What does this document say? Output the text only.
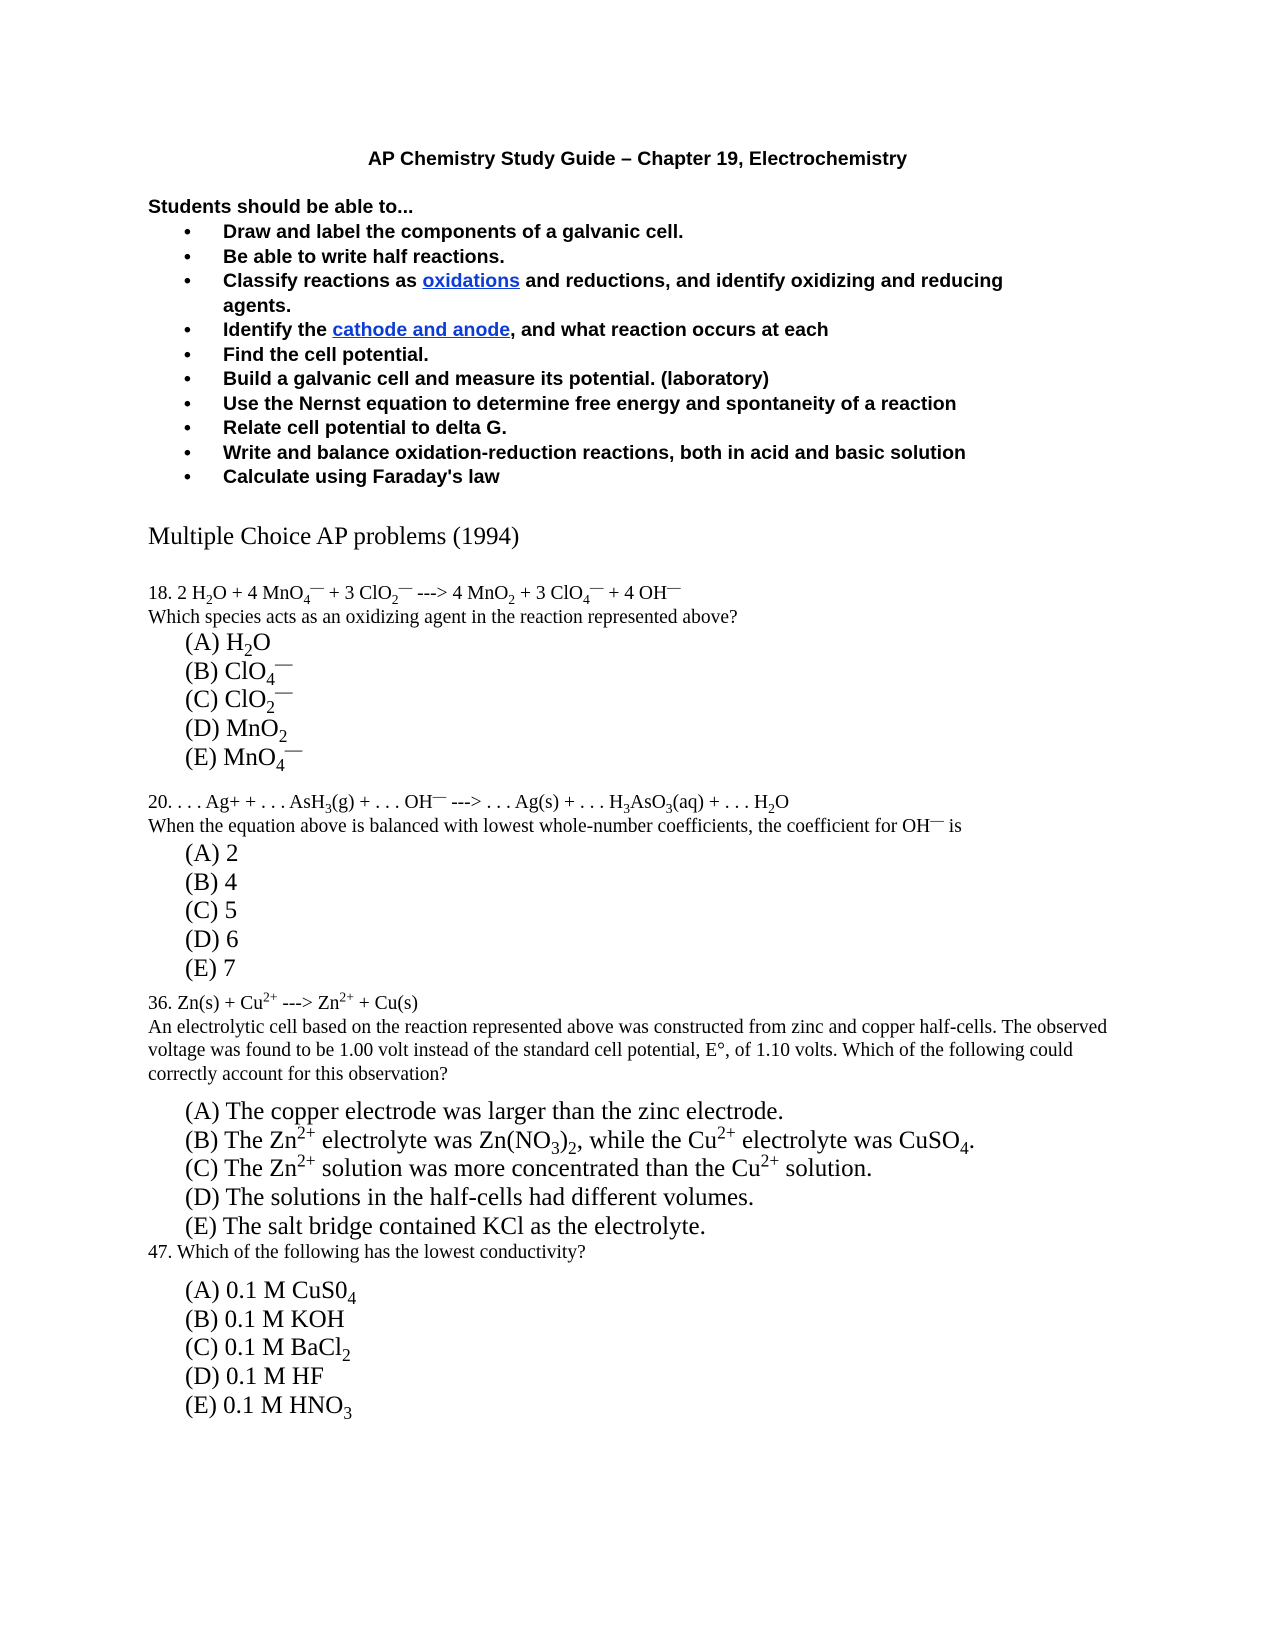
AP Chemistry Study Guide – Chapter 19, Electrochemistry
Students should be able to...
• Draw and label the components of a galvanic cell.
• Be able to write half reactions.
• Classify reactions as oxidations and reductions, and identify oxidizing and reducing agents.
• Identify the cathode and anode, and what reaction occurs at each
• Find the cell potential.
• Build a galvanic cell and measure its potential. (laboratory)
• Use the Nernst equation to determine free energy and spontaneity of a reaction
• Relate cell potential to delta G.
• Write and balance oxidation-reduction reactions, both in acid and basic solution
• Calculate using Faraday's law
Multiple Choice AP problems (1994)
18. 2 $H_2O + 4$ MnO$_4$— + 3 ClO$_2$— ---> 4 MnO$_2$ + 3 ClO$_4$— + 4 OH—
Which species acts as an oxidizing agent in the reaction represented above?
(A) $H_2O$
(B) ClO$_4$—
(C) ClO$_2$—
(D) MnO$_2$
(E) MnO$_4$—
20. . . . Ag+ + . . . AsH$_3$(g) + . . . OH— ---> . . . Ag(s) + . . . $H_3AsO_3(aq)$ + . . . $H_2O$
When the equation above is balanced with lowest whole-number coefficients, the coefficient for OH— is
(A) 2
(B) 4
(C) 5
(D) 6
(E) 7
36. $Zn(s) + Cu^{2+}$ ---> $Zn^{2+} + Cu(s)$
An electrolytic cell based on the reaction represented above was constructed from zinc and copper half-cells. The observed voltage was found to be 1.00 volt instead of the standard cell potential, E°, of 1.10 volts. Which of the following could correctly account for this observation?
(A) The copper electrode was larger than the zinc electrode.
(B) The $Zn^{2+}$ electrolyte was $Zn(NO_3)_2$, while the $Cu^{2+}$ electrolyte was CuSO$_4$.
(C) The $Zn^{2+}$ solution was more concentrated than the $Cu^{2+}$ solution.
(D) The solutions in the half-cells had different volumes.
(E) The salt bridge contained KCl as the electrolyte.
47. Which of the following has the lowest conductivity?
(A) 0.1 M $CuS0_4$
(B) 0.1 M KOH
(C) 0.1 M BaCl$_2$
(D) 0.1 M HF
(E) 0.1 M $HNO_3$
